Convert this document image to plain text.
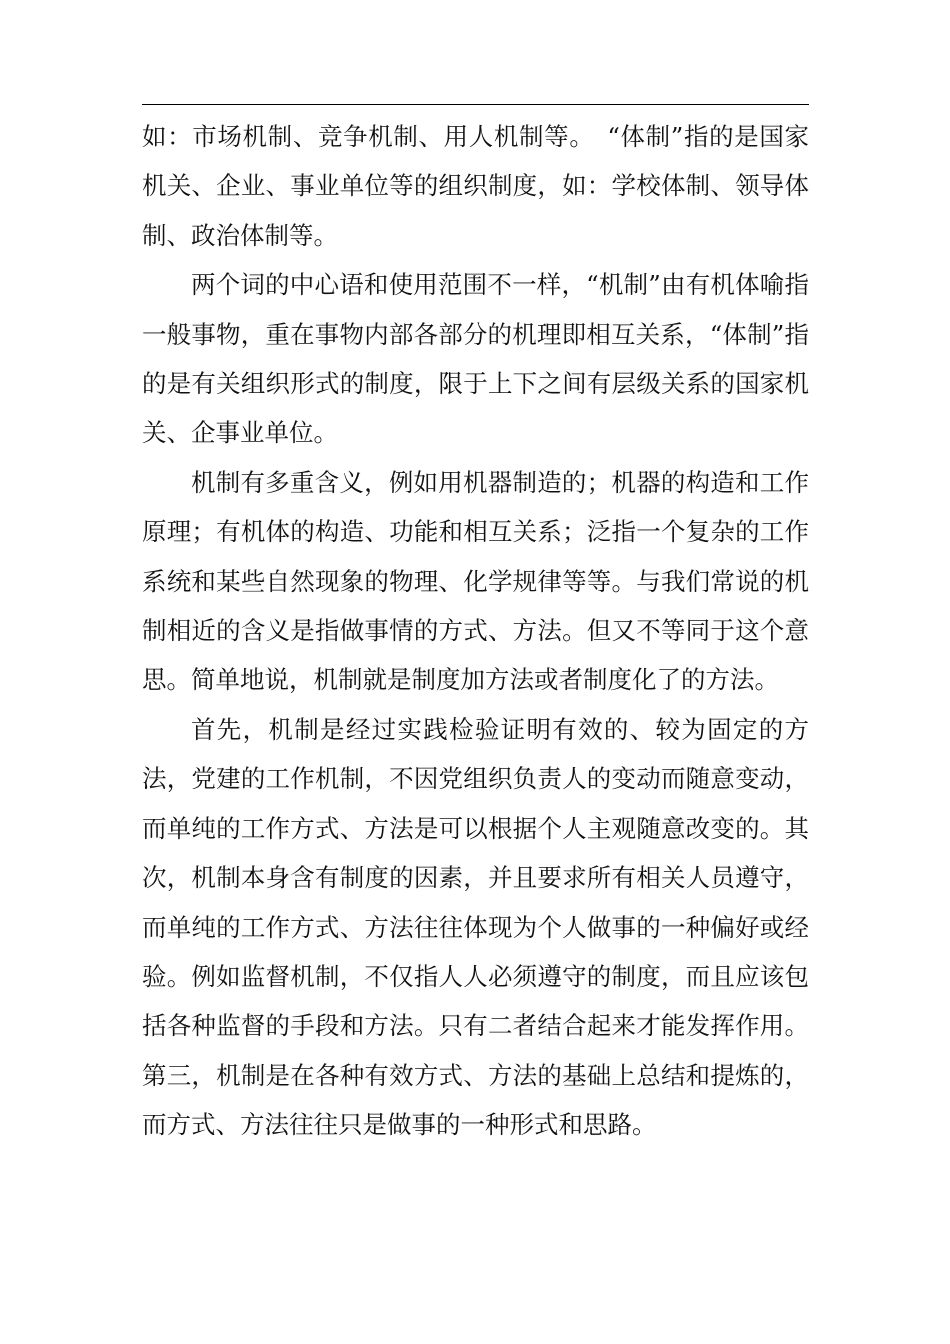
如：市场机制、竞争机制、用人机制等。　“体制”指的是国家机关、企业、事业单位等的组织制度，如：学校体制、领导体制、政治体制等。

两个词的中心语和使用范围不一样，“机制”由有机体喻指一般事物，重在事物内部各部分的机理即相互关系，“体制”指的是有关组织形式的制度，限于上下之间有层级关系的国家机关、企事业单位。

机制有多重含义，例如用机器制造的；机器的构造和工作原理；有机体的构造、功能和相互关系；泛指一个复杂的工作系统和某些自然现象的物理、化学规律等等。与我们常说的机制相近的含义是指做事情的方式、方法。但又不等同于这个意思。简单地说，机制就是制度加方法或者制度化了的方法。

首先，机制是经过实践检验证明有效的、较为固定的方法，党建的工作机制，不因党组织负责人的变动而随意变动，而单纯的工作方式、方法是可以根据个人主观随意改变的。其次，机制本身含有制度的因素，并且要求所有相关人员遵守，而单纯的工作方式、方法往往体现为个人做事的一种偏好或经验。例如监督机制，不仅指人人必须遵守的制度，而且应该包括各种监督的手段和方法。只有二者结合起来才能发挥作用。第三，机制是在各种有效方式、方法的基础上总结和提炼的，而方式、方法往往只是做事的一种形式和思路。
